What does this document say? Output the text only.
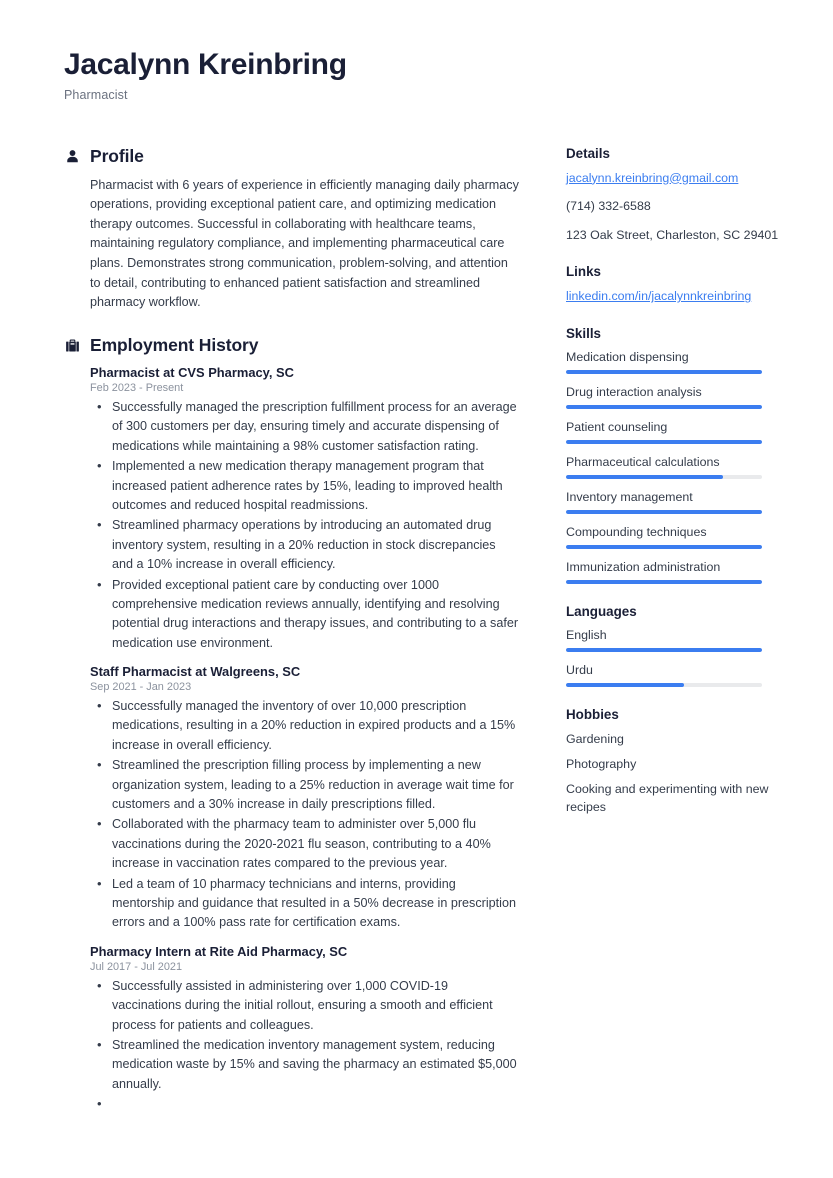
Jacalynn Kreinbring
Pharmacist
Profile

Pharmacist with 6 years of experience in efficiently managing daily pharmacy operations, providing exceptional patient care, and optimizing medication therapy outcomes. Successful in collaborating with healthcare teams, maintaining regulatory compliance, and implementing pharmaceutical care plans. Demonstrates strong communication, problem-solving, and attention to detail, contributing to enhanced patient satisfaction and streamlined pharmacy workflow.

Employment History
Pharmacist at CVS Pharmacy, SC
Feb 2023 - Present
• Successfully managed the prescription fulfillment process for an average of 300 customers per day, ensuring timely and accurate dispensing of medications while maintaining a 98% customer satisfaction rating.
• Implemented a new medication therapy management program that increased patient adherence rates by 15%, leading to improved health outcomes and reduced hospital readmissions.
• Streamlined pharmacy operations by introducing an automated drug inventory system, resulting in a 20% reduction in stock discrepancies and a 10% increase in overall efficiency.
• Provided exceptional patient care by conducting over 1000 comprehensive medication reviews annually, identifying and resolving potential drug interactions and therapy issues, and contributing to a safer medication use environment.
Staff Pharmacist at Walgreens, SC
Sep 2021 - Jan 2023
• Successfully managed the inventory of over 10,000 prescription medications, resulting in a 20% reduction in expired products and a 15% increase in overall efficiency.
• Streamlined the prescription filling process by implementing a new organization system, leading to a 25% reduction in average wait time for customers and a 30% increase in daily prescriptions filled.
• Collaborated with the pharmacy team to administer over 5,000 flu vaccinations during the 2020-2021 flu season, contributing to a 40% increase in vaccination rates compared to the previous year.
• Led a team of 10 pharmacy technicians and interns, providing mentorship and guidance that resulted in a 50% decrease in prescription errors and a 100% pass rate for certification exams.
Pharmacy Intern at Rite Aid Pharmacy, SC
Jul 2017 - Jul 2021
• Successfully assisted in administering over 1,000 COVID-19 vaccinations during the initial rollout, ensuring a smooth and efficient process for patients and colleagues.
• Streamlined the medication inventory management system, reducing medication waste by 15% and saving the pharmacy an estimated $5,000 annually.
•
Details
jacalynn.kreinbring@gmail.com
(714) 332-6588
123 Oak Street, Charleston, SC 29401
Links
linkedin.com/in/jacalynnkreinbring
Skills
Medication dispensing
Drug interaction analysis
Patient counseling
Pharmaceutical calculations
Inventory management
Compounding techniques
Immunization administration
Languages
English
Urdu
Hobbies
Gardening
Photography
Cooking and experimenting with new recipes
